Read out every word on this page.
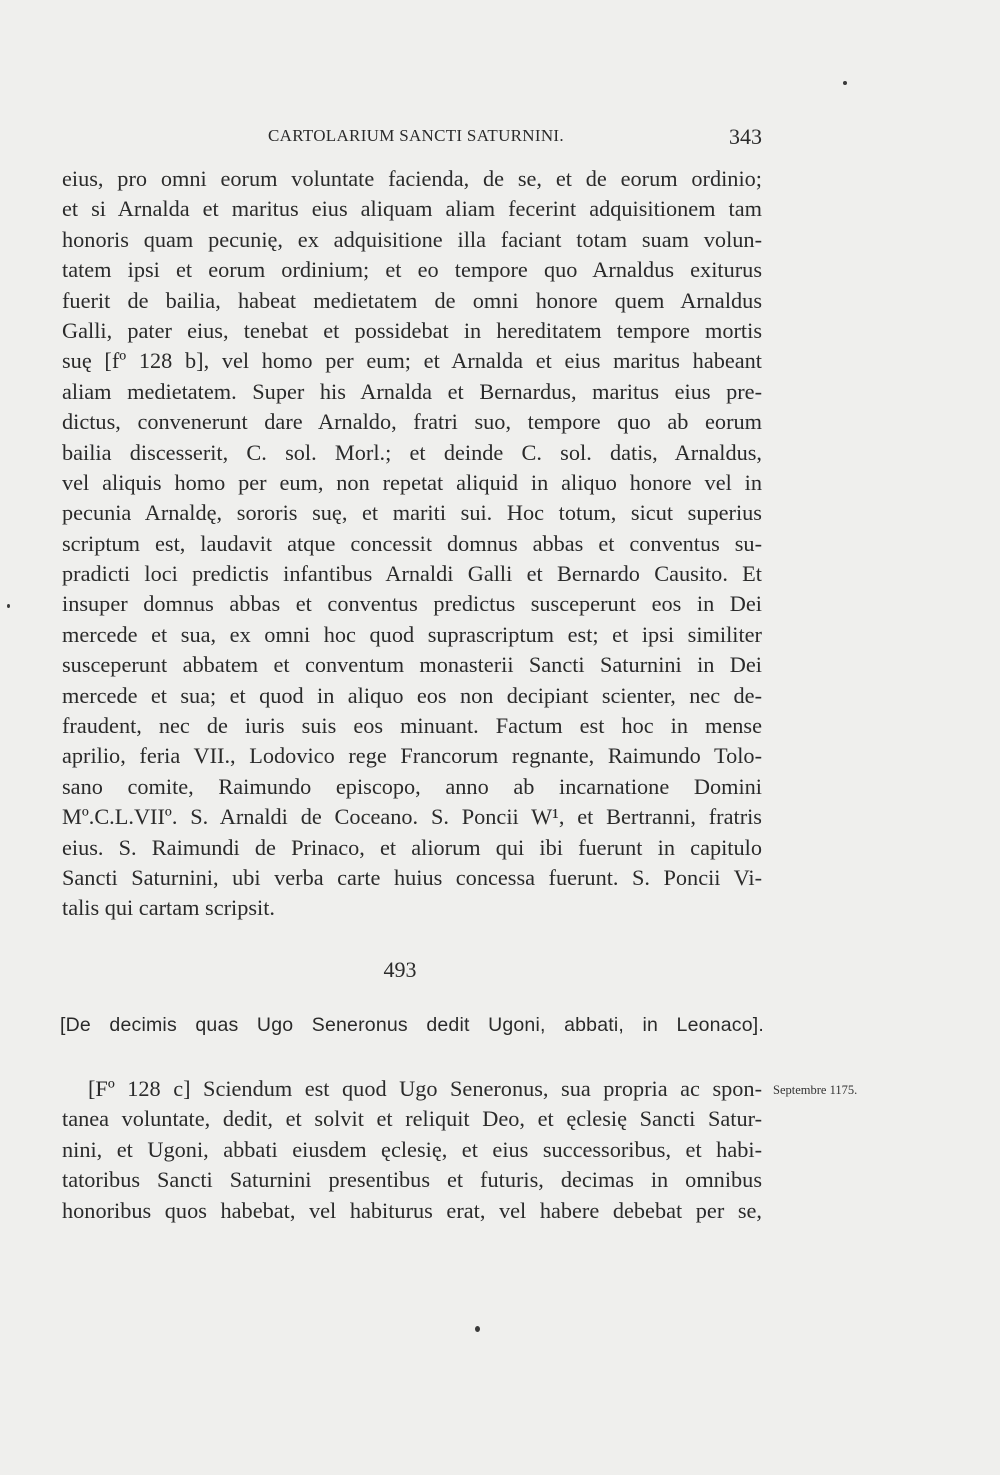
CARTOLARIUM SANCTI SATURNINI.	343
eius, pro omni eorum voluntate facienda, de se, et de eorum ordinio;
et si Arnalda et maritus eius aliquam aliam fecerint adquisitionem tam
honoris quam pecunię, ex adquisitione illa faciant totam suam volun-
tatem ipsi et eorum ordinium; et eo tempore quo Arnaldus exiturus
fuerit de bailia, habeat medietatem de omni honore quem Arnaldus
Galli, pater eius, tenebat et possidebat in hereditatem tempore mortis
suę [fº 128 b], vel homo per eum; et Arnalda et eius maritus habeant
aliam medietatem. Super his Arnalda et Bernardus, maritus eius pre-
dictus, convenerunt dare Arnaldo, fratri suo, tempore quo ab eorum
bailia discesserit, C. sol. Morl.; et deinde C. sol. datis, Arnaldus,
vel aliquis homo per eum, non repetat aliquid in aliquo honore vel in
pecunia Arnaldę, sororis suę, et mariti sui. Hoc totum, sicut superius
scriptum est, laudavit atque concessit domnus abbas et conventus su-
pradicti loci predictis infantibus Arnaldi Galli et Bernardo Causito. Et
insuper domnus abbas et conventus predictus susceperunt eos in Dei
mercede et sua, ex omni hoc quod suprascriptum est; et ipsi similiter
susceperunt abbatem et conventum monasterii Sancti Saturnini in Dei
mercede et sua; et quod in aliquo eos non decipiant scienter, nec de-
fraudent, nec de iuris suis eos minuant. Factum est hoc in mense
aprilio, feria VII., Lodovico rege Francorum regnante, Raimundo Tolo-
sano comite, Raimundo episcopo, anno ab incarnatione Domini
Mº.C.L.VIIº. S. Arnaldi de Coceano. S. Poncii W¹, et Bertranni, fratris
eius. S. Raimundi de Prinaco, et aliorum qui ibi fuerunt in capitulo
Sancti Saturnini, ubi verba carte huius concessa fuerunt. S. Poncii Vi-
talis qui cartam scripsit.
493
[De decimis quas Ugo Seneronus dedit Ugoni, abbati, in Leonaco].
[Fº 128 c] Sciendum est quod Ugo Seneronus, sua propria ac spon-
tanea voluntate, dedit, et solvit et reliquit Deo, et ęclesię Sancti Satur-
nini, et Ugoni, abbati eiusdem ęclesię, et eius successoribus, et habi-
tatoribus Sancti Saturnini presentibus et futuris, decimas in omnibus
honoribus quos habebat, vel habiturus erat, vel habere debebat per se,
Septembre 1175.
